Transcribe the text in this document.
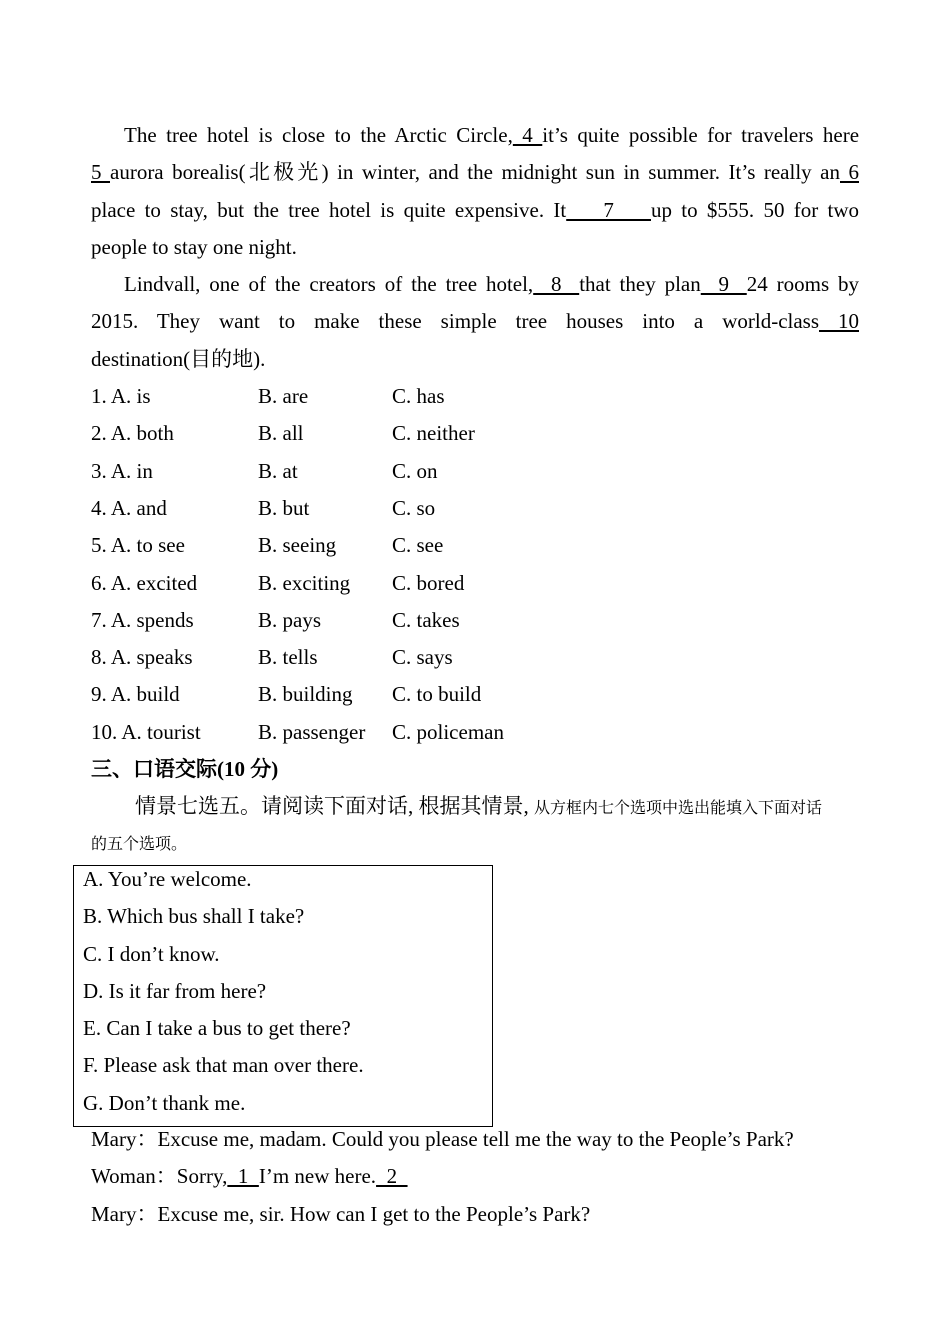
The tree hotel is close to the Arctic Circle, 4 it’s quite possible for travelers here
5 aurora borealis(北极光) in winter, and the midnight sun in summer. It’s really an 6
place to stay, but the tree hotel is quite expensive. It    7    up to $555. 50 for two
people to stay one night.
Lindvall, one of the creators of the tree hotel,  8  that they plan  9  24 rooms by
2015. They want to make these simple tree houses into a world-class 10
destination(目的地).
1. A. is	B. are	C. has
2. A. both	B. all	C. neither
3. A. in	B. at	C. on
4. A. and	B. but	C. so
5. A. to see	B. seeing	C. see
6. A. excited	B. exciting	C. bored
7. A. spends	B. pays	C. takes
8. A. speaks	B. tells	C. says
9. A. build	B. building	C. to build
10. A. tourist	B. passenger	C. policeman
三、口语交际(10 分)
情景七选五。请阅读下面对话, 根据其情景, 从方框内七个选项中选出能填入下面对话
的五个选项。
A. You’re welcome.
B. Which bus shall I take?
C. I don’t know.
D. Is it far from here?
E. Can I take a bus to get there?
F. Please ask that man over there.
G. Don’t thank me.
Mary：Excuse me, madam. Could you please tell me the way to the People’s Park?
Woman：Sorry,  1  I’m new here.  2
Mary：Excuse me, sir. How can I get to the People’s Park?
